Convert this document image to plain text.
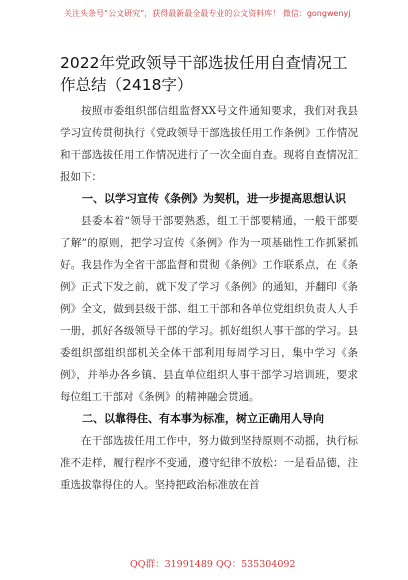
关注头条号“公文研究”，获得最新最全最专业的公文资料库！ 微信：gongwenyj
2022年党政领导干部选拔任用自查情况工作总结（2418字）

按照市委组织部信组监督XX号文件通知要求，我们对我县学习宣传贯彻执行《党政领导干部选拔任用工作条例》工作情况和干部选拔任用工作情况进行了一次全面自查。现将自查情况汇报如下：

一、以学习宣传《条例》为契机，进一步提高思想认识

县委本着“领导干部要熟悉，组工干部要精通，一般干部要了解”的原则，把学习宣传《条例》作为一项基础性工作抓紧抓好。我县作为全省干部监督和贯彻《条例》工作联系点，在《条例》正式下发之前，就下发了学习《条例》的通知，并翻印《条例》全文，做到县级干部、组工干部和各单位党组织负责人人手一册，抓好各级领导干部的学习。抓好组织人事干部的学习。县委组织部组织部机关全体干部利用每周学习日，集中学习《条例》，并举办各乡镇、县直单位组织人事干部学习培训班，要求每位组工干部对《条例》的精神融会贯通。

二、以靠得住、有本事为标准，树立正确用人导向

在干部选拔任用工作中，努力做到坚持原则不动摇，执行标准不走样，履行程序不变通，遵守纪律不放松：一是看品德，注重选拔靠得住的人。坚持把政治标准放在首

QQ群：31991489 QQ：535304092
